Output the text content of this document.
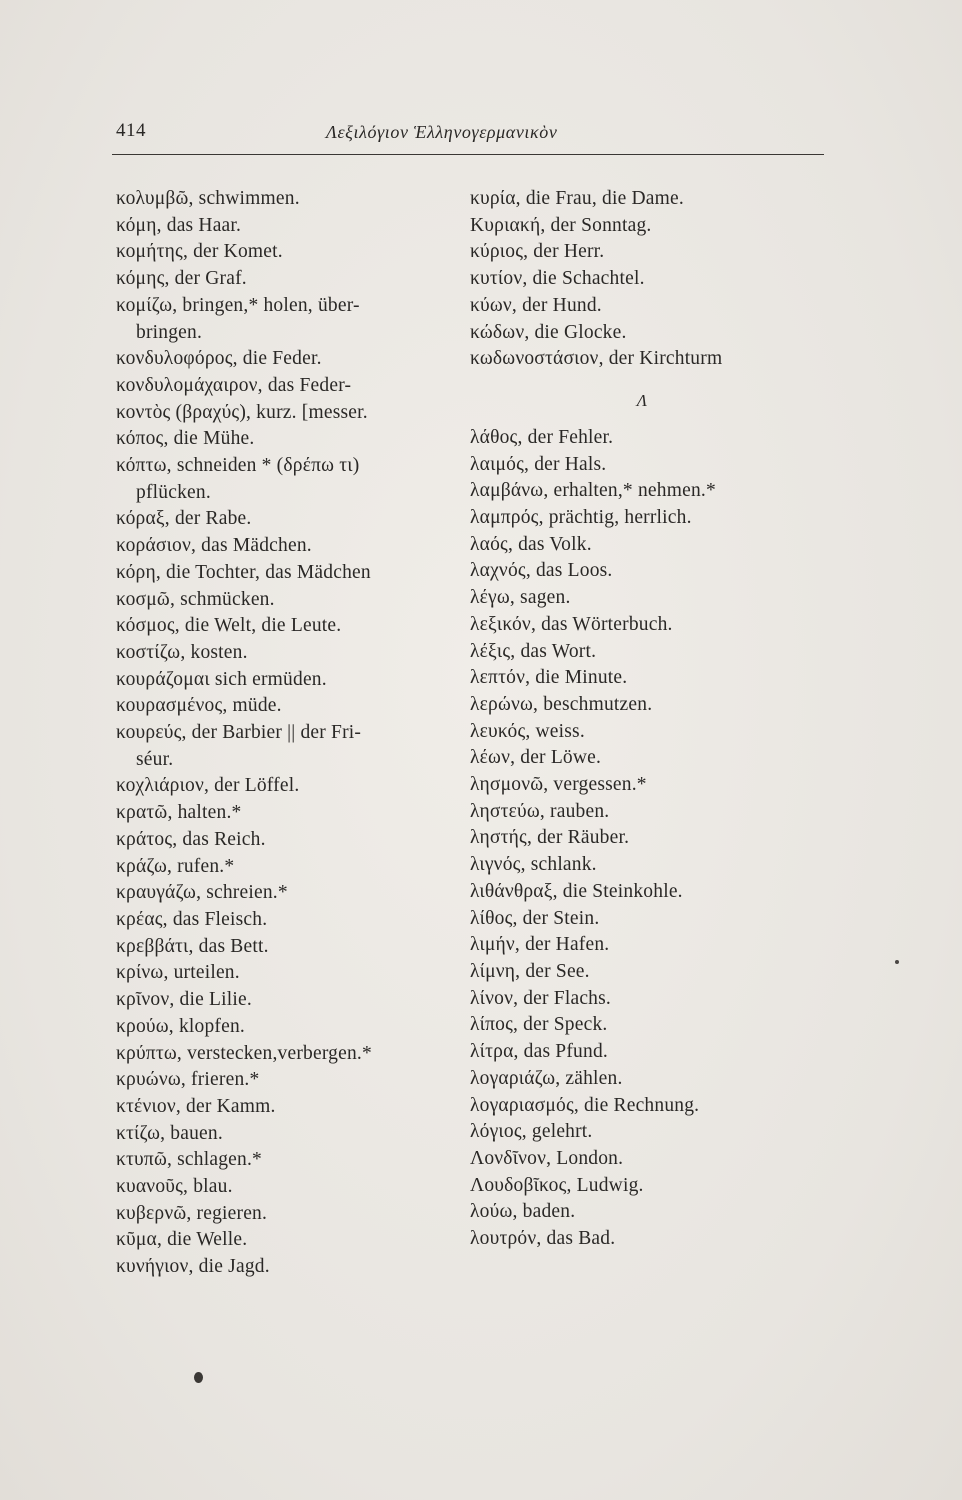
414	Λεξιλόγιον Ἑλληνογερμανικὸν
κολυμβῶ, schwimmen.
κόμη, das Haar.
κομήτης, der Komet.
κόμης, der Graf.
κομίζω, bringen,* holen, über-
bringen.
κονδυλοφόρος, die Feder.
κονδυλομάχαιρον, das Feder-
κοντὸς (βραχύς), kurz. [messer.
κόπος, die Mühe.
κόπτω, schneiden * (δρέπω τι)
pflücken.
κόραξ, der Rabe.
κοράσιον, das Mädchen.
κόρη, die Tochter, das Mädchen
κοσμῶ, schmücken.
κόσμος, die Welt, die Leute.
κοστίζω, kosten.
κουράζομαι sich ermüden.
κουρασμένος, müde.
κουρεύς, der Barbier || der Fri-
séur.
κοχλιάριον, der Löffel.
κρατῶ, halten.*
κράτος, das Reich.
κράζω, rufen.*
κραυγάζω, schreien.*
κρέας, das Fleisch.
κρεββάτι, das Bett.
κρίνω, urteilen.
κρῖνον, die Lilie.
κρούω, klopfen.
κρύπτω, verstecken,verbergen.*
κρυώνω, frieren.*
κτένιον, der Kamm.
κτίζω, bauen.
κτυπῶ, schlagen.*
κυανοῦς, blau.
κυβερνῶ, regieren.
κῦμα, die Welle.
κυνήγιον, die Jagd.
κυρία, die Frau, die Dame.
Κυριακή, der Sonntag.
κύριος, der Herr.
κυτίον, die Schachtel.
κύων, der Hund.
κώδων, die Glocke.
κωδωνοστάσιον, der Kirchturm
Λ
λάθος, der Fehler.
λαιμός, der Hals.
λαμβάνω, erhalten,* nehmen.*
λαμπρός, prächtig, herrlich.
λαός, das Volk.
λαχνός, das Loos.
λέγω, sagen.
λεξικόν, das Wörterbuch.
λέξις, das Wort.
λεπτόν, die Minute.
λερώνω, beschmutzen.
λευκός, weiss.
λέων, der Löwe.
λησμονῶ, vergessen.*
ληστεύω, rauben.
ληστής, der Räuber.
λιγνός, schlank.
λιθάνθραξ, die Steinkohle.
λίθος, der Stein.
λιμήν, der Hafen.
λίμνη, der See.
λίνον, der Flachs.
λίπος, der Speck.
λίτρα, das Pfund.
λογαριάζω, zählen.
λογαριασμός, die Rechnung.
λόγιος, gelehrt.
Λονδῖνον, London.
Λουδοβῖκος, Ludwig.
λούω, baden.
λουτρόν, das Bad.
